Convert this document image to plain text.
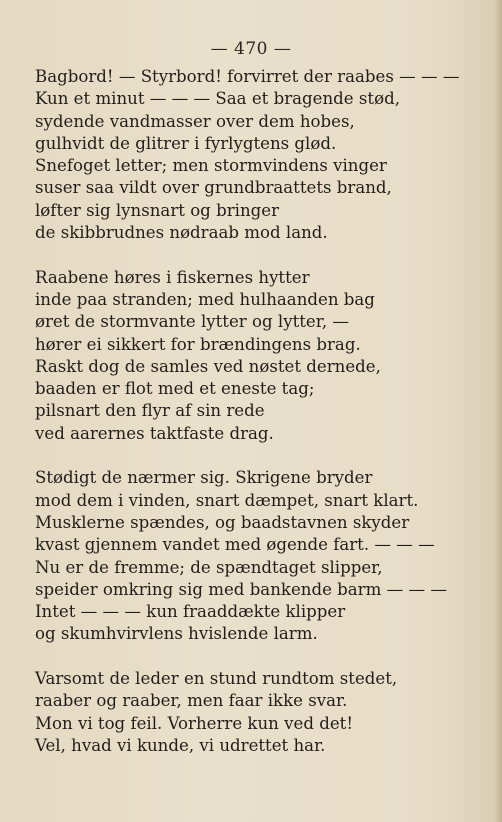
— 470 —
Bagbord! — Styrbord! forvirret der raabes — — —
Kun et minut — — — Saa et bragende stød,
sydende vandmasser over dem hobes,
gulhvidt de glitrer i fyrlygtens glød.
Snefoget letter; men stormvindens vinger
suser saa vildt over grundbraattets brand,
løfter sig lynsnart og bringer
de skibbrudnes nødraab mod land.
Raabene høres i fiskernes hytter
inde paa stranden; med hulhaanden bag
øret de stormvante lytter og lytter, —
hører ei sikkert for brændingens brag.
Raskt dog de samles ved nøstet dernede,
baaden er flot med et eneste tag;
pilsnart den flyr af sin rede
ved aarernes taktfaste drag.
Stødigt de nærmer sig. Skrigene bryder
mod dem i vinden, snart dæmpet, snart klart.
Musklerne spændes, og baadstavnen skyder
kvast gjennem vandet med øgende fart. — — —
Nu er de fremme; de spændtaget slipper,
speider omkring sig med bankende barm — — —
Intet — — — kun fraaddækte klipper
og skumhvirvlens hvislende larm.
Varsomt de leder en stund rundtom stedet,
raaber og raaber, men faar ikke svar.
Mon vi tog feil. Vorherre kun ved det!
Vel, hvad vi kunde, vi udrettet har.
